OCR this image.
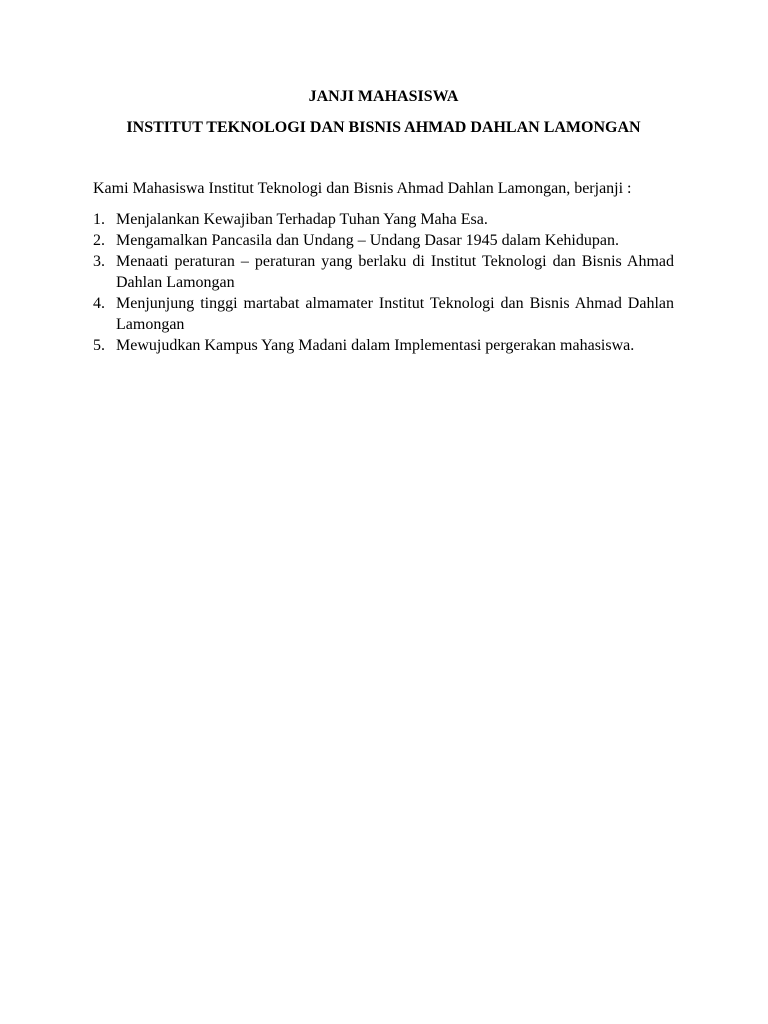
JANJI MAHASISWA
INSTITUT TEKNOLOGI DAN BISNIS AHMAD DAHLAN LAMONGAN

Kami Mahasiswa Institut Teknologi dan Bisnis Ahmad Dahlan Lamongan, berjanji :

1. Menjalankan Kewajiban Terhadap Tuhan Yang Maha Esa.
2. Mengamalkan Pancasila dan Undang – Undang Dasar 1945 dalam Kehidupan.
3. Menaati peraturan – peraturan yang berlaku di Institut Teknologi dan Bisnis Ahmad Dahlan Lamongan
4. Menjunjung tinggi martabat almamater Institut Teknologi dan Bisnis Ahmad Dahlan Lamongan
5. Mewujudkan Kampus Yang Madani dalam Implementasi pergerakan mahasiswa.
